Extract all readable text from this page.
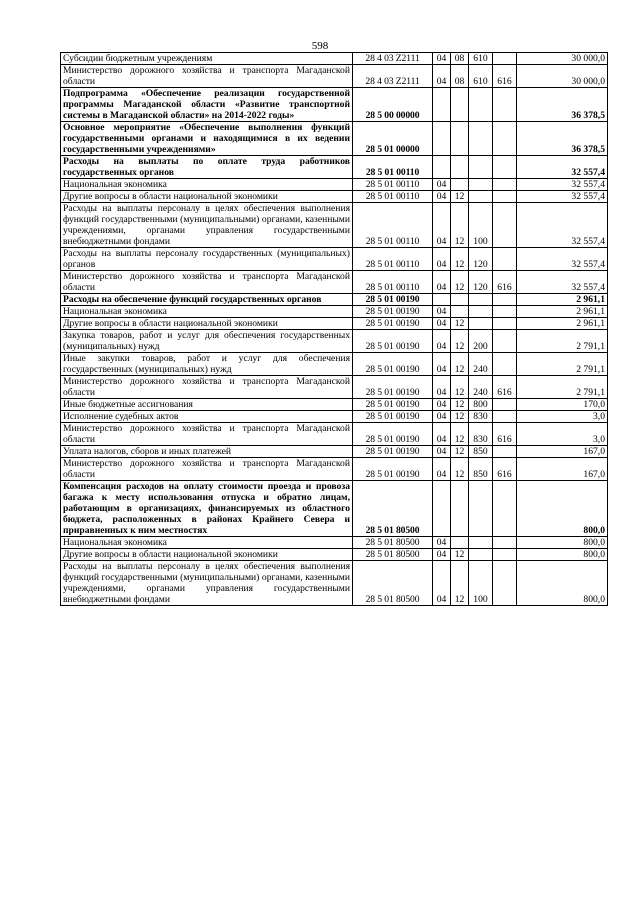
598
Субсидии бюджетным учреждениям	28 4 03 Z2111	04	08	610		30 000,0
Министерство дорожного хозяйства и транспорта Магаданской области	28 4 03 Z2111	04	08	610	616	30 000,0
Подпрограмма «Обеспечение реализации государственной программы Магаданской области «Развитие транспортной системы в Магаданской области» на 2014-2022 годы»	28 5 00 00000					36 378,5
Основное мероприятие «Обеспечение выполнения функций государственными органами и находящимися в их ведении государственными учреждениями»	28 5 01 00000					36 378,5
Расходы на выплаты по оплате труда работников государственных органов	28 5 01 00110					32 557,4
Национальная экономика	28 5 01 00110	04				32 557,4
Другие вопросы в области национальной экономики	28 5 01 00110	04	12			32 557,4
Расходы на выплаты персоналу в целях обеспечения выполнения функций государственными (муниципальными) органами, казенными учреждениями, органами управления государственными внебюджетными фондами	28 5 01 00110	04	12	100		32 557,4
Расходы на выплаты персоналу государственных (муниципальных) органов	28 5 01 00110	04	12	120		32 557,4
Министерство дорожного хозяйства и транспорта Магаданской области	28 5 01 00110	04	12	120	616	32 557,4
Расходы на обеспечение функций государственных органов	28 5 01 00190					2 961,1
Национальная экономика	28 5 01 00190	04				2 961,1
Другие вопросы в области национальной экономики	28 5 01 00190	04	12			2 961,1
Закупка товаров, работ и услуг для обеспечения государственных (муниципальных) нужд	28 5 01 00190	04	12	200		2 791,1
Иные закупки товаров, работ и услуг для обеспечения государственных (муниципальных) нужд	28 5 01 00190	04	12	240		2 791,1
Министерство дорожного хозяйства и транспорта Магаданской области	28 5 01 00190	04	12	240	616	2 791,1
Иные бюджетные ассигнования	28 5 01 00190	04	12	800		170,0
Исполнение судебных актов	28 5 01 00190	04	12	830		3,0
Министерство дорожного хозяйства и транспорта Магаданской области	28 5 01 00190	04	12	830	616	3,0
Уплата налогов, сборов и иных платежей	28 5 01 00190	04	12	850		167,0
Министерство дорожного хозяйства и транспорта Магаданской области	28 5 01 00190	04	12	850	616	167,0
Компенсация расходов на оплату стоимости проезда и провоза багажа к месту использования отпуска и обратно лицам, работающим в организациях, финансируемых из областного бюджета, расположенных в районах Крайнего Севера и приравненных к ним местностях	28 5 01 80500					800,0
Национальная экономика	28 5 01 80500	04				800,0
Другие вопросы в области национальной экономики	28 5 01 80500	04	12			800,0
Расходы на выплаты персоналу в целях обеспечения выполнения функций государственными (муниципальными) органами, казенными учреждениями, органами управления государственными внебюджетными фондами	28 5 01 80500	04	12	100		800,0
